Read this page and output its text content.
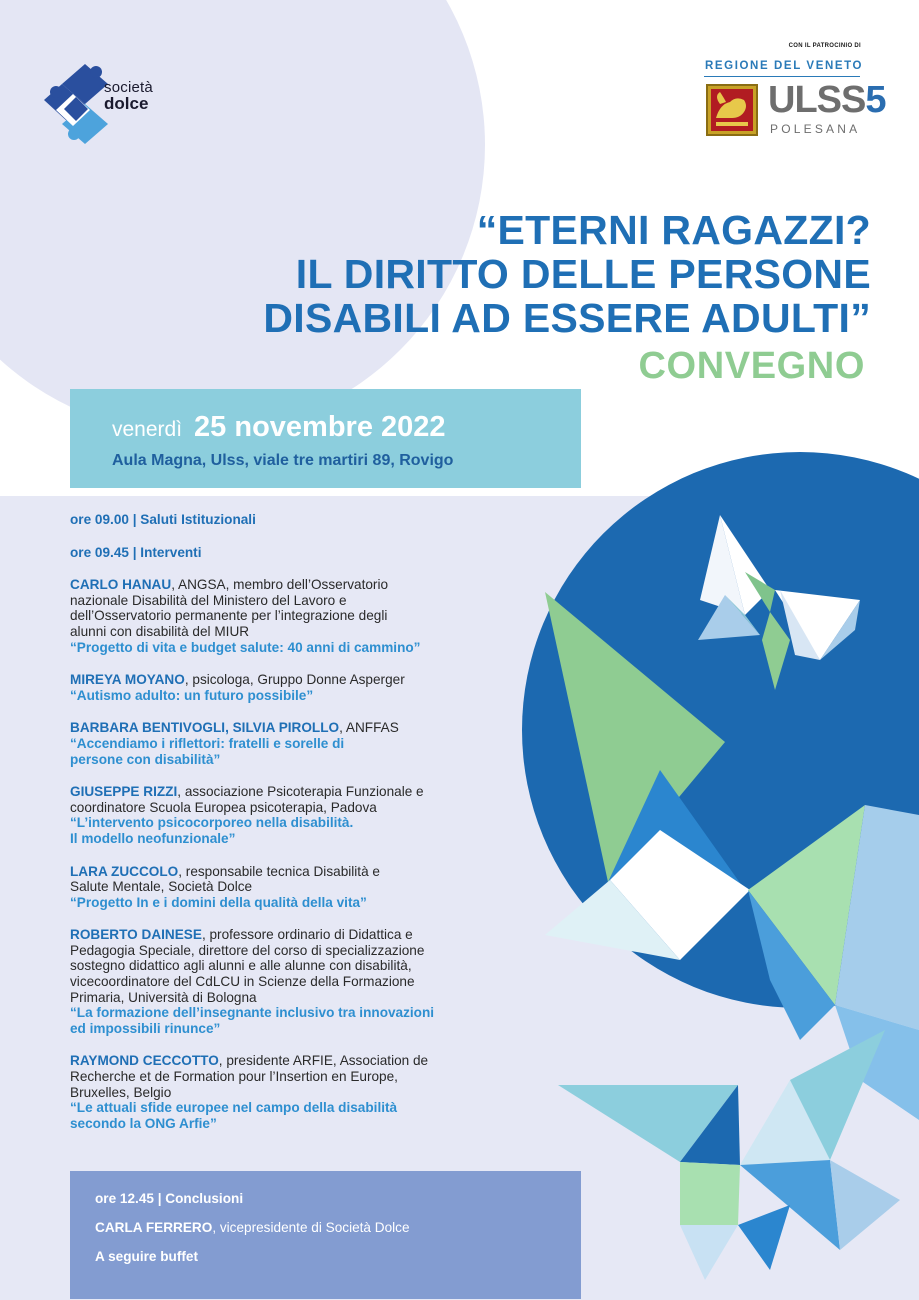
società
dolce
CON IL PATROCINIO DI
REGIONE DEL VENETO
ULSS5
POLESANA
“ETERNI RAGAZZI?
IL DIRITTO DELLE PERSONE
DISABILI AD ESSERE ADULTI”
CONVEGNO
venerdì 25 novembre 2022
Aula Magna, Ulss, viale tre martiri 89, Rovigo
ore 09.00 | Saluti Istituzionali
ore 09.45 | Interventi
CARLO HANAU, ANGSA, membro dell’Osservatorio
nazionale Disabilità del Ministero del Lavoro e
dell’Osservatorio permanente per l’integrazione degli
alunni con disabilità del MIUR
“Progetto di vita e budget salute: 40 anni di cammino”
MIREYA MOYANO, psicologa, Gruppo Donne Asperger
“Autismo adulto: un futuro possibile”
BARBARA BENTIVOGLI, SILVIA PIROLLO, ANFFAS
“Accendiamo i riflettori: fratelli e sorelle di
persone con disabilità”
GIUSEPPE RIZZI, associazione Psicoterapia Funzionale e
coordinatore Scuola Europea psicoterapia, Padova
“L’intervento psicocorporeo nella disabilità.
Il modello neofunzionale”
LARA ZUCCOLO, responsabile tecnica Disabilità e
Salute Mentale, Società Dolce
“Progetto In e i domini della qualità della vita”
ROBERTO DAINESE, professore ordinario di Didattica e
Pedagogia Speciale, direttore del corso di specializzazione
sostegno didattico agli alunni e alle alunne con disabilità,
vicecoordinatore del CdLCU in Scienze della Formazione
Primaria, Università di Bologna
“La formazione dell’insegnante inclusivo tra innovazioni
ed impossibili rinunce”
RAYMOND CECCOTTO, presidente ARFIE, Association de
Recherche et de Formation pour l’Insertion en Europe,
Bruxelles, Belgio
“Le attuali sfide europee nel campo della disabilità
secondo la ONG Arfie”
ore 12.45 | Conclusioni
CARLA FERRERO, vicepresidente di Società Dolce
A seguire buffet
